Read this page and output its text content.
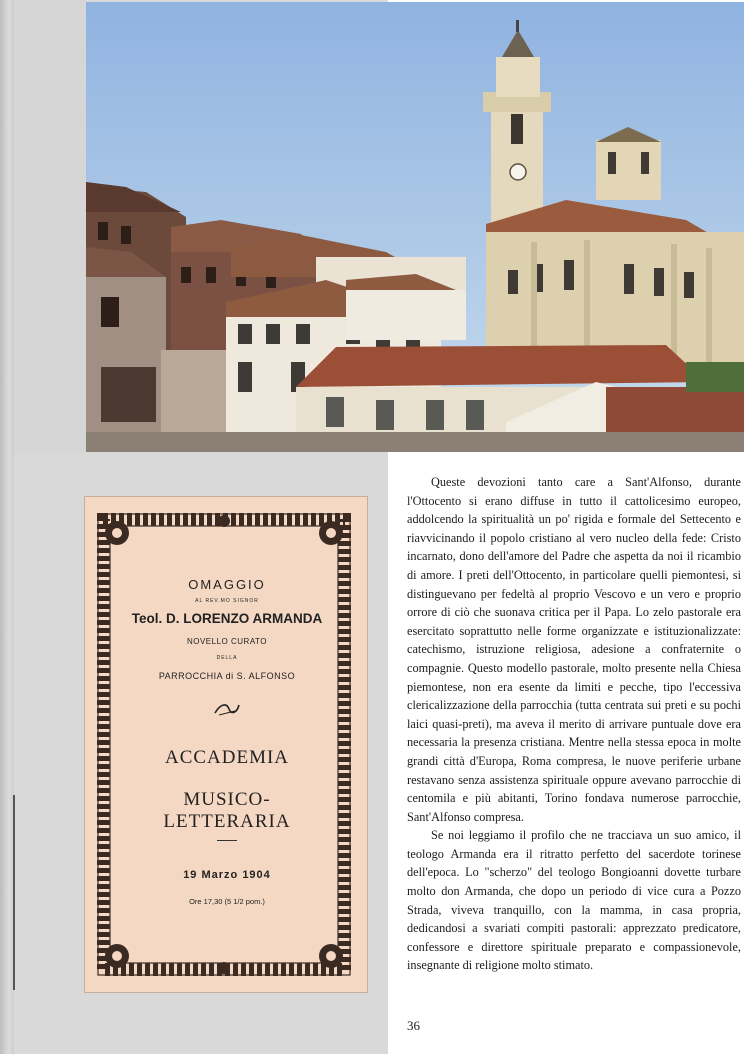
OMAGGIO
AL REV.MO SIGNOR
Teol. D. LORENZO ARMANDA
NOVELLO CURATO
DELLA
PARROCCHIA di S. ALFONSO
ACCADEMIA
MUSICO-LETTERARIA
19 Marzo 1904
Ore 17,30 (5 1/2 pom.)

Queste devozioni tanto care a Sant'Alfonso, durante l'Ottocento si erano diffuse in tutto il cattolicesimo europeo, addolcendo la spiritualità un po' rigida e formale del Settecento e riavvicinando il popolo cristiano al vero nucleo della fede: Cristo incarnato, dono dell'amore del Padre che aspetta da noi il ricambio di amore. I preti dell'Ottocento, in particolare quelli piemontesi, si distinguevano per fedeltà al proprio Vescovo e un vero e proprio orrore di ciò che suonava critica per il Papa. Lo zelo pastorale era esercitato soprattutto nelle forme organizzate e istituzionalizzate: catechismo, istruzione religiosa, adesione a confraternite o compagnie. Questo modello pastorale, molto presente nella Chiesa piemontese, non era esente da limiti e pecche, tipo l'eccessiva clericalizzazione della parrocchia (tutta centrata sui preti e su pochi laici quasi-preti), ma aveva il merito di arrivare puntuale dove era necessaria la presenza cristiana. Mentre nella stessa epoca in molte grandi città d'Europa, Roma compresa, le nuove periferie urbane restavano senza assistenza spirituale oppure avevano parrocchie di centomila e più abitanti, Torino fondava numerose parrocchie, Sant'Alfonso compresa.

Se noi leggiamo il profilo che ne tracciava un suo amico, il teologo Armanda era il ritratto perfetto del sacerdote torinese dell'epoca. Lo "scherzo" del teologo Bongioanni dovette turbare molto don Armanda, che dopo un periodo di vice cura a Pozzo Strada, viveva tranquillo, con la mamma, in casa propria, dedicandosi a svariati compiti pastorali: apprezzato predicatore, confessore e direttore spirituale preparato e compassionevole, insegnante di religione molto stimato.

36
